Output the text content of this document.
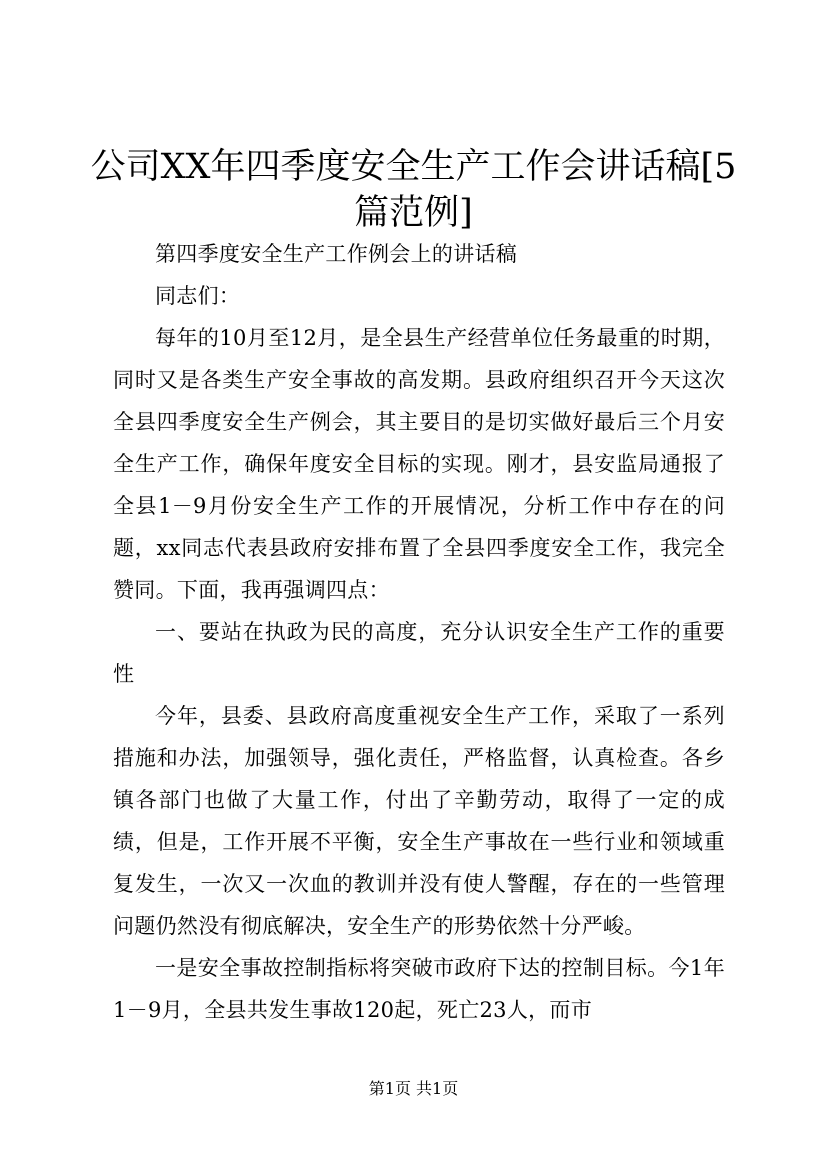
公司XX年四季度安全生产工作会讲话稿[5篇范例]

第四季度安全生产工作例会上的讲话稿

同志们：

每年的10月至12月，是全县生产经营单位任务最重的时期，同时又是各类生产安全事故的高发期。县政府组织召开今天这次全县四季度安全生产例会，其主要目的是切实做好最后三个月安全生产工作，确保年度安全目标的实现。刚才，县安监局通报了全县1－9月份安全生产工作的开展情况，分析工作中存在的问题，xx同志代表县政府安排布置了全县四季度安全工作，我完全赞同。下面，我再强调四点：

一、要站在执政为民的高度，充分认识安全生产工作的重要性

今年，县委、县政府高度重视安全生产工作，采取了一系列措施和办法，加强领导，强化责任，严格监督，认真检查。各乡镇各部门也做了大量工作，付出了辛勤劳动，取得了一定的成绩，但是，工作开展不平衡，安全生产事故在一些行业和领域重复发生，一次又一次血的教训并没有使人警醒，存在的一些管理问题仍然没有彻底解决，安全生产的形势依然十分严峻。

一是安全事故控制指标将突破市政府下达的控制目标。今1年1－9月，全县共发生事故120起，死亡23人，而市

第1页 共1页
